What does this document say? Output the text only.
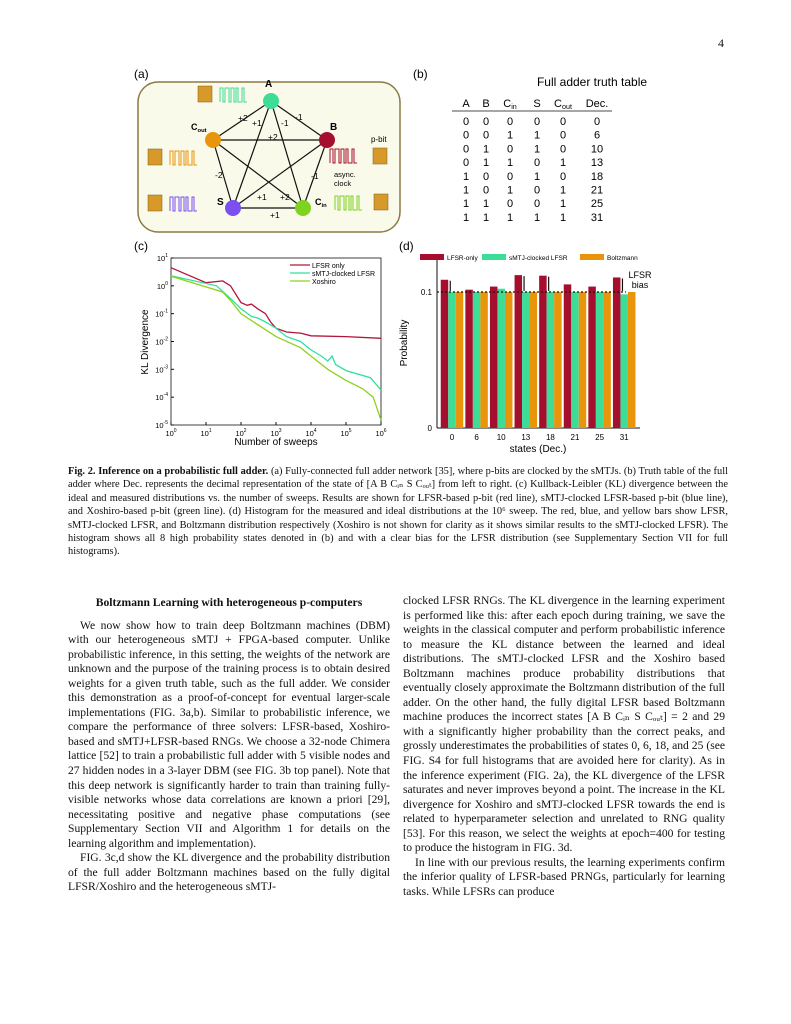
4
(a)
+2 +1 -1
-1
+2
-2	-1
+1
+2
+1
A
B
$C_{out}$
S	$C_{in}$
p-bit
async.
clock
(b)
Full adder truth table
A B Cin S Cout Dec.
0 0 0 0 0	0
0 0 1 1 0	6
0 1 0 1 0 10
0 1 1 0 1 13
1 0 0 1 0 18
1 0 1 0 1 21
1 1 0 0 1 25
1 1 1 1 1 31
(c)
$10^0$	$10^1$	$10^2$	$10^3$	$10^4$	$10^5$	$10^6$
$10^{-5}$
$10^{-4}$
$10^{-3}$
$10^{-2}$
$10^{-1}$
$10^0$
$10^1$
Number of sweeps
KL Divergence
LFSR only
sMTJ-clocked LFSR
Xoshiro
(d)
0
0.1
0	6 10 13 18 21 25 31
LFSR
bias
states (Dec.)
Probability
LFSR-only	sMTJ-clocked LFSR	Boltzmann
Fig. 2. Inference on a probabilistic full adder. (a) Fully-connected full adder network [35], where p-bits are clocked by the sMTJs. (b) Truth table of the full adder where Dec. represents the decimal representation of the state of [A B Cᵢₙ S Cₒᵤₜ] from left to right. (c) Kullback-Leibler (KL) divergence between the ideal and measured distributions vs. the number of sweeps. Results are shown for LFSR-based p-bit (red line), sMTJ-clocked LFSR-based p-bit (blue line), and Xoshiro-based p-bit (green line). (d) Histogram for the measured and ideal distributions at the 10⁶ sweep. The red, blue, and yellow bars show LFSR, sMTJ-clocked LFSR, and Boltzmann distribution respectively (Xoshiro is not shown for clarity as it shows similar results to the sMTJ-clocked LFSR). The histogram shows all 8 high probability states denoted in (b) and with a clear bias for the LFSR distribution (see Supplementary Section VII for full histograms).
Boltzmann Learning with heterogeneous p-computers

We now show how to train deep Boltzmann machines (DBM) with our heterogeneous sMTJ + FPGA-based computer. Unlike probabilistic inference, in this setting, the weights of the network are unknown and the purpose of the training process is to obtain desired weights for a given truth table, such as the full adder. We consider this demonstration as a proof-of-concept for eventual larger-scale implementations (FIG. 3a,b). Similar to probabilistic inference, we compare the performance of three solvers: LFSR-based, Xoshiro-based and sMTJ+LFSR-based RNGs. We choose a 32-node Chimera lattice [52] to train a probabilistic full adder with 5 visible nodes and 27 hidden nodes in a 3-layer DBM (see FIG. 3b top panel). Note that this deep network is significantly harder to train than training fully-visible networks whose data correlations are known a priori [29], necessitating positive and negative phase computations (see Supplementary Section VII and Algorithm 1 for details on the learning algorithm and implementation).

FIG. 3c,d show the KL divergence and the probability distribution of the full adder Boltzmann machines based on the fully digital LFSR/Xoshiro and the heterogeneous sMTJ-

clocked LFSR RNGs. The KL divergence in the learning experiment is performed like this: after each epoch during training, we save the weights in the classical computer and perform probabilistic inference to measure the KL distance between the learned and ideal distributions. The sMTJ-clocked LFSR and the Xoshiro based Boltzmann machines produce probability distributions that eventually closely approximate the Boltzmann distribution of the full adder. On the other hand, the fully digital LFSR based Boltzmann machine produces the incorrect states [A B Cᵢₙ S Cₒᵤₜ] = 2 and 29 with a significantly higher probability than the correct peaks, and grossly underestimates the probabilities of states 0, 6, 18, and 25 (see FIG. S4 for full histograms that are avoided here for clarity). As in the inference experiment (FIG. 2a), the KL divergence of the LFSR saturates and never improves beyond a point. The increase in the KL divergence for Xoshiro and sMTJ-clocked LFSR towards the end is related to hyperparameter selection and unrelated to RNG quality [53]. For this reason, we select the weights at epoch=400 for testing to produce the histogram in FIG. 3d.

In line with our previous results, the learning experiments confirm the inferior quality of LFSR-based PRNGs, particularly for learning tasks. While LFSRs can produce
